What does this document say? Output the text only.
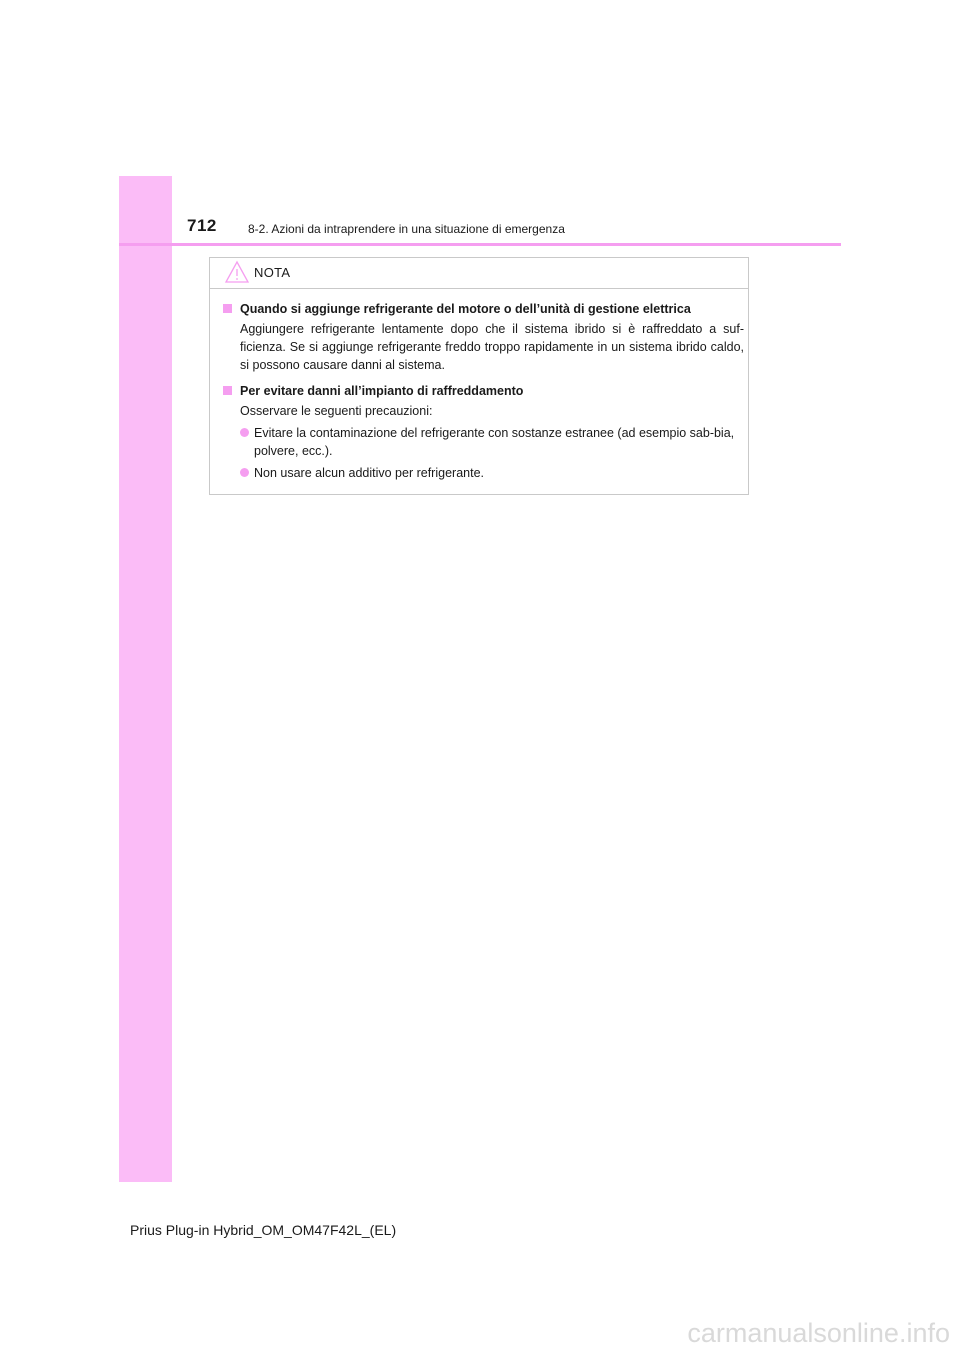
712	8-2. Azioni da intraprendere in una situazione di emergenza
NOTA
Quando si aggiunge refrigerante del motore o dell’unità di gestione elettrica
Aggiungere refrigerante lentamente dopo che il sistema ibrido si è raffreddato a suf-ficienza. Se si aggiunge refrigerante freddo troppo rapidamente in un sistema ibrido caldo, si possono causare danni al sistema.
Per evitare danni all’impianto di raffreddamento
Osservare le seguenti precauzioni:
Evitare la contaminazione del refrigerante con sostanze estranee (ad esempio sab-bia, polvere, ecc.).
Non usare alcun additivo per refrigerante.
Prius Plug-in Hybrid_OM_OM47F42L_(EL)
carmanualsonline.info
